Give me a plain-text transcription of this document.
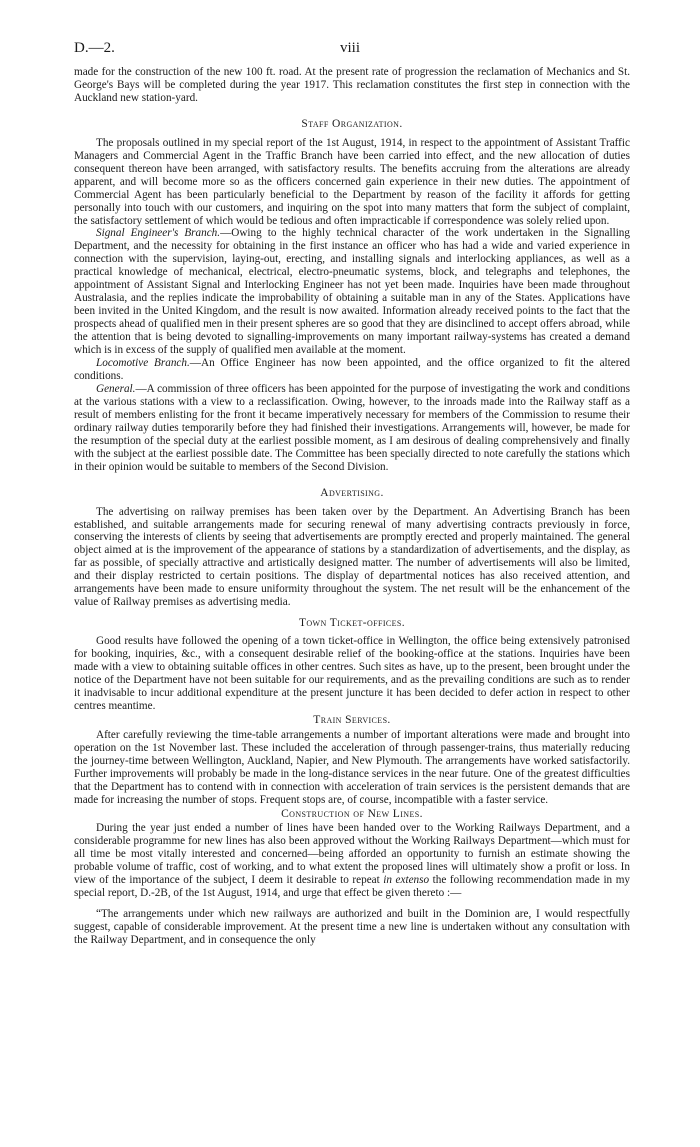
D.—2.	viii

made for the construction of the new 100 ft. road. At the present rate of progression the reclamation of Mechanics and St. George's Bays will be completed during the year 1917. This reclamation constitutes the first step in connection with the Auckland new station-yard.

Staff Organization.

The proposals outlined in my special report of the 1st August, 1914, in respect to the appointment of Assistant Traffic Managers and Commercial Agent in the Traffic Branch have been carried into effect, and the new allocation of duties consequent thereon have been arranged, with satisfactory results. The benefits accruing from the alterations are already apparent, and will become more so as the officers concerned gain experience in their new duties. The appointment of Commercial Agent has been particularly beneficial to the Department by reason of the facility it affords for getting personally into touch with our customers, and inquiring on the spot into many matters that form the subject of complaint, the satisfactory settlement of which would be tedious and often impracticable if correspondence was solely relied upon.

Signal Engineer's Branch.—Owing to the highly technical character of the work undertaken in the Signalling Department, and the necessity for obtaining in the first instance an officer who has had a wide and varied experience in connection with the supervision, laying-out, erecting, and installing signals and interlocking appliances, as well as a practical knowledge of mechanical, electrical, electro-pneumatic systems, block, and telegraphs and telephones, the appointment of Assistant Signal and Interlocking Engineer has not yet been made. Inquiries have been made throughout Australasia, and the replies indicate the improbability of obtaining a suitable man in any of the States. Applications have been invited in the United Kingdom, and the result is now awaited. Information already received points to the fact that the prospects ahead of qualified men in their present spheres are so good that they are disinclined to accept offers abroad, while the attention that is being devoted to signalling-improvements on many important railway-systems has created a demand which is in excess of the supply of qualified men available at the moment.

Locomotive Branch.—An Office Engineer has now been appointed, and the office organized to fit the altered conditions.

General.—A commission of three officers has been appointed for the purpose of investigating the work and conditions at the various stations with a view to a reclassification. Owing, however, to the inroads made into the Railway staff as a result of members enlisting for the front it became imperatively necessary for members of the Commission to resume their ordinary railway duties temporarily before they had finished their investigations. Arrangements will, however, be made for the resumption of the special duty at the earliest possible moment, as I am desirous of dealing comprehensively and finally with the subject at the earliest possible date. The Committee has been specially directed to note carefully the stations which in their opinion would be suitable to members of the Second Division.

Advertising.

The advertising on railway premises has been taken over by the Department. An Advertising Branch has been established, and suitable arrangements made for securing renewal of many advertising contracts previously in force, conserving the interests of clients by seeing that advertisements are promptly erected and properly maintained. The general object aimed at is the improvement of the appearance of stations by a standardization of advertisements, and the display, as far as possible, of specially attractive and artistically designed matter. The number of advertisements will also be limited, and their display restricted to certain positions. The display of departmental notices has also received attention, and arrangements have been made to ensure uniformity throughout the system. The net result will be the enhancement of the value of Railway premises as advertising media.

Town Ticket-offices.

Good results have followed the opening of a town ticket-office in Wellington, the office being extensively patronised for booking, inquiries, &c., with a consequent desirable relief of the booking-office at the stations. Inquiries have been made with a view to obtaining suitable offices in other centres. Such sites as have, up to the present, been brought under the notice of the Department have not been suitable for our requirements, and as the prevailing conditions are such as to render it inadvisable to incur additional expenditure at the present juncture it has been decided to defer action in respect to other centres meantime.

Train Services.

After carefully reviewing the time-table arrangements a number of important alterations were made and brought into operation on the 1st November last. These included the acceleration of through passenger-trains, thus materially reducing the journey-time between Wellington, Auckland, Napier, and New Plymouth. The arrangements have worked satisfactorily. Further improvements will probably be made in the long-distance services in the near future. One of the greatest difficulties that the Department has to contend with in connection with acceleration of train services is the persistent demands that are made for increasing the number of stops. Frequent stops are, of course, incompatible with a faster service.

Construction of New Lines.

During the year just ended a number of lines have been handed over to the Working Railways Department, and a considerable programme for new lines has also been approved without the Working Railways Department—which must for all time be most vitally interested and concerned—being afforded an opportunity to furnish an estimate showing the probable volume of traffic, cost of working, and to what extent the proposed lines will ultimately show a profit or loss. In view of the importance of the subject, I deem it desirable to repeat in extenso the following recommendation made in my special report, D.-2B, of the 1st August, 1914, and urge that effect be given thereto :—

“The arrangements under which new railways are authorized and built in the Dominion are, I would respectfully suggest, capable of considerable improvement. At the present time a new line is undertaken without any consultation with the Railway Department, and in consequence the only
